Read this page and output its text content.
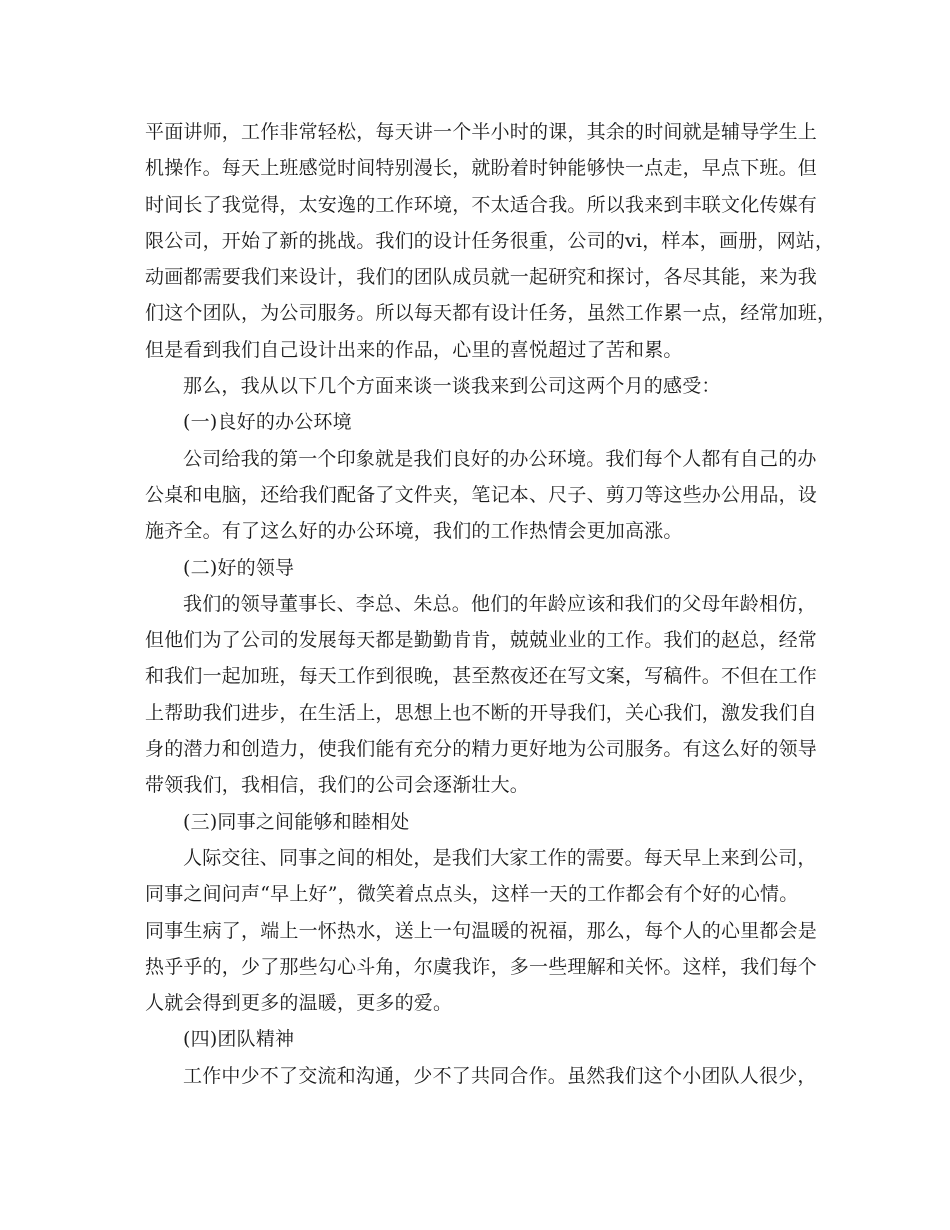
平面讲师，工作非常轻松，每天讲一个半小时的课，其余的时间就是辅导学生上
机操作。每天上班感觉时间特别漫长，就盼着时钟能够快一点走，早点下班。但
时间长了我觉得，太安逸的工作环境，不太适合我。所以我来到丰联文化传媒有
限公司，开始了新的挑战。我们的设计任务很重，公司的vi，样本，画册，网站，
动画都需要我们来设计，我们的团队成员就一起研究和探讨，各尽其能，来为我
们这个团队，为公司服务。所以每天都有设计任务，虽然工作累一点，经常加班，
但是看到我们自己设计出来的作品，心里的喜悦超过了苦和累。
那么，我从以下几个方面来谈一谈我来到公司这两个月的感受：
(一)良好的办公环境
公司给我的第一个印象就是我们良好的办公环境。我们每个人都有自己的办
公桌和电脑，还给我们配备了文件夹，笔记本、尺子、剪刀等这些办公用品，设
施齐全。有了这么好的办公环境，我们的工作热情会更加高涨。
(二)好的领导
我们的领导董事长、李总、朱总。他们的年龄应该和我们的父母年龄相仿，
但他们为了公司的发展每天都是勤勤肯肯，兢兢业业的工作。我们的赵总，经常
和我们一起加班，每天工作到很晚，甚至熬夜还在写文案，写稿件。不但在工作
上帮助我们进步，在生活上，思想上也不断的开导我们，关心我们，激发我们自
身的潜力和创造力，使我们能有充分的精力更好地为公司服务。有这么好的领导
带领我们，我相信，我们的公司会逐渐壮大。
(三)同事之间能够和睦相处
人际交往、同事之间的相处，是我们大家工作的需要。每天早上来到公司，
同事之间问声“早上好”，微笑着点点头，这样一天的工作都会有个好的心情。
同事生病了，端上一怀热水，送上一句温暖的祝福，那么，每个人的心里都会是
热乎乎的，少了那些勾心斗角，尔虞我诈，多一些理解和关怀。这样，我们每个
人就会得到更多的温暖，更多的爱。
(四)团队精神
工作中少不了交流和沟通，少不了共同合作。虽然我们这个小团队人很少，
